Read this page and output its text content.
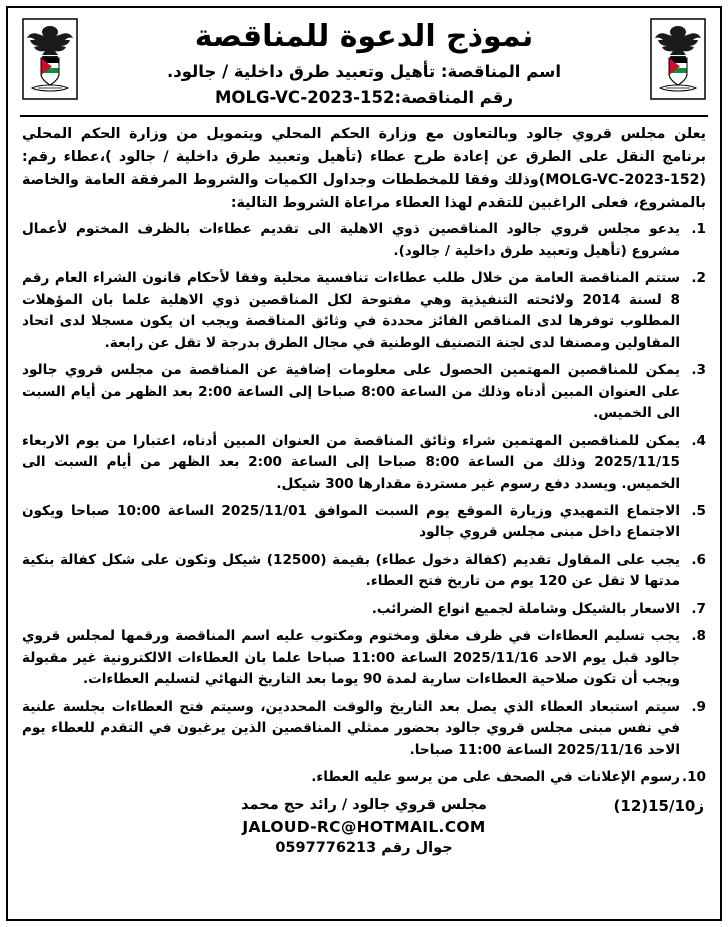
نموذج الدعوة للمناقصة
اسم المناقصة: تأهيل وتعبيد طرق داخلية / جالود.
رقم المناقصة:MOLG-VC-2023-152
يعلن مجلس قروي جالود وبالتعاون مع وزارة الحكم المحلي ويتمويل من وزارة الحكم المحلي برنامج النقل على الطرق عن إعادة طرح عطاء (تأهيل وتعبيد طرق داخلية / جالود )،عطاء رقم:(MOLG-VC-2023-152)وذلك وفقا للمخططات وجداول الكميات والشروط المرفقة العامة والخاصة بالمشروع، فعلى الراغبين للتقدم لهذا العطاء مراعاة الشروط التالية:
يدعو مجلس قروي جالود المناقصين ذوي الاهلية الى تقديم عطاءات بالظرف المختوم لأعمال مشروع (تأهيل وتعبيد طرق داخلية / جالود).
ستتم المناقصة العامة من خلال طلب عطاءات تنافسية محلية وفقا لأحكام قانون الشراء العام رقم 8 لسنة 2014 ولائحته التنفيذية وهي مفتوحة لكل المناقصين ذوي الاهلية علما بان المؤهلات المطلوب توفرها لدى المناقص الفائز محددة في وثائق المناقصة ويجب ان يكون مسجلا لدى اتحاد المقاولين ومصنفا لدى لجنة التصنيف الوطنية في مجال الطرق بدرجة لا تقل عن رابعة.
يمكن للمناقصين المهتمين الحصول على معلومات إضافية عن المناقصة من مجلس قروي جالود على العنوان المبين أدناه وذلك من الساعة 8:00 صباحا إلى الساعة 2:00 بعد الظهر من أيام السبت الى الخميس.
يمكن للمناقصين المهتمين شراء وثائق المناقصة من العنوان المبين أدناه، اعتبارا من يوم الاربعاء 2025/11/15 وذلك من الساعة 8:00 صباحا إلى الساعة 2:00 بعد الظهر من أيام السبت الى الخميس. ويسدد دفع رسوم غير مستردة مقدارها 300 شيكل.
الاجتماع التمهيدي وزيارة الموقع يوم السبت الموافق 2025/11/01 الساعة 10:00 صباحا ويكون الاجتماع داخل مبنى مجلس قروي جالود
يجب على المقاول تقديم (كفالة دخول عطاء) بقيمة (12500) شيكل وتكون على شكل كفالة بنكية مدتها لا تقل عن 120 يوم من تاريخ فتح العطاء.
الاسعار بالشيكل وشاملة لجميع انواع الضرائب.
يجب تسليم العطاءات في ظرف مغلق ومختوم ومكتوب عليه اسم المناقصة ورقمها لمجلس قروي جالود قبل يوم الاحد 2025/11/16 الساعة 11:00 صباحا علما بان العطاءات الالكترونية غير مقبولة ويجب أن تكون صلاحية العطاءات سارية لمدة 90 يوما بعد التاريخ النهائي لتسليم العطاءات.
سيتم استبعاد العطاء الذي يصل بعد التاريخ والوقت المحددين، وسيتم فتح العطاءات بجلسة علنية في نفس مبنى مجلس قروي جالود بحضور ممثلي المناقصين الذين يرغبون في التقدم للعطاء يوم الاحد 2025/11/16 الساعة 11:00 صباحا.
رسوم الإعلانات في الصحف على من يرسو عليه العطاء.
ز15/10(12)
مجلس قروي جالود / رائد حج محمد
JALOUD-RC@HOTMAIL.COM
جوال رقم 0597776213
